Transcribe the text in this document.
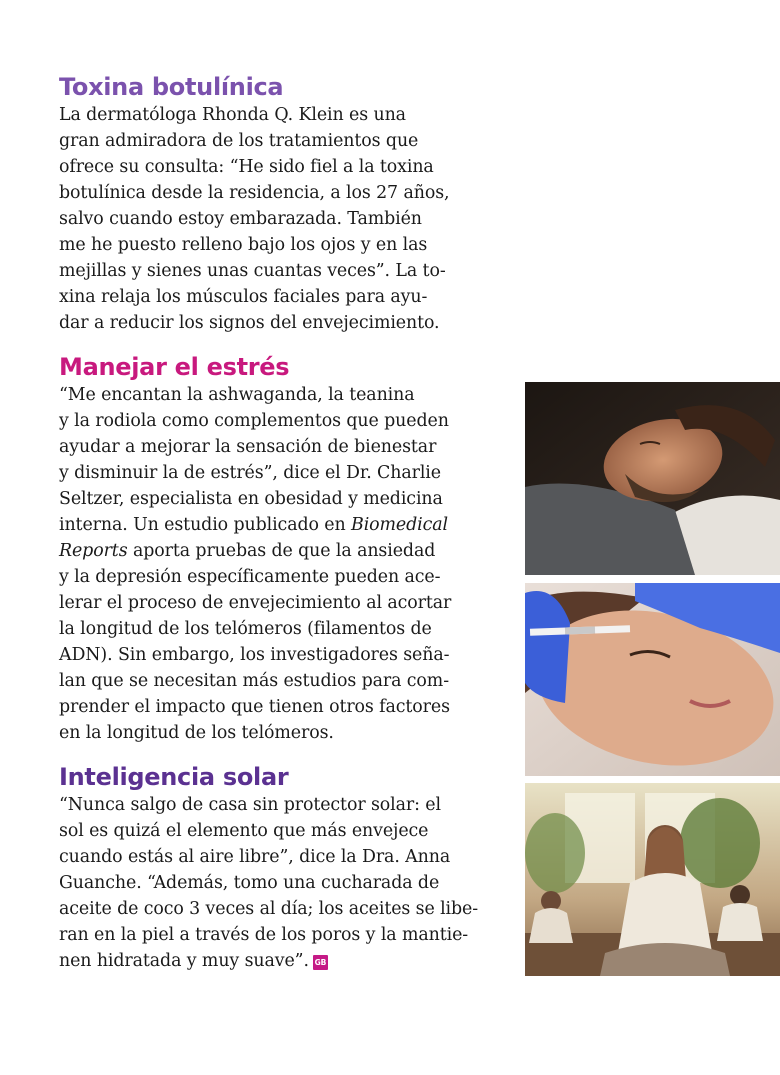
Toxina botulínica
La dermatóloga Rhonda Q. Klein es una
gran admiradora de los tratamientos que
ofrece su consulta: “He sido fiel a la toxina
botulínica desde la residencia, a los 27 años,
salvo cuando estoy embarazada. También
me he puesto relleno bajo los ojos y en las
mejillas y sienes unas cuantas veces”. La to-
xina relaja los músculos faciales para ayu-
dar a reducir los signos del envejecimiento.
Manejar el estrés
“Me encantan la ashwaganda, la teanina
y la rodiola como complementos que pueden
ayudar a mejorar la sensación de bienestar
y disminuir la de estrés”, dice el Dr. Charlie
Seltzer, especialista en obesidad y medicina
interna. Un estudio publicado en Biomedical
Reports aporta pruebas de que la ansiedad
y la depresión específicamente pueden ace-
lerar el proceso de envejecimiento al acortar
la longitud de los telómeros (filamentos de
ADN). Sin embargo, los investigadores seña-
lan que se necesitan más estudios para com-
prender el impacto que tienen otros factores
en la longitud de los telómeros.
Inteligencia solar
“Nunca salgo de casa sin protector solar: el
sol es quizá el elemento que más envejece
cuando estás al aire libre”, dice la Dra. Anna
Guanche. “Además, tomo una cucharada de
aceite de coco 3 veces al día; los aceites se libe-
ran en la piel a través de los poros y la mantie-
nen hidratada y muy suave”. GB
